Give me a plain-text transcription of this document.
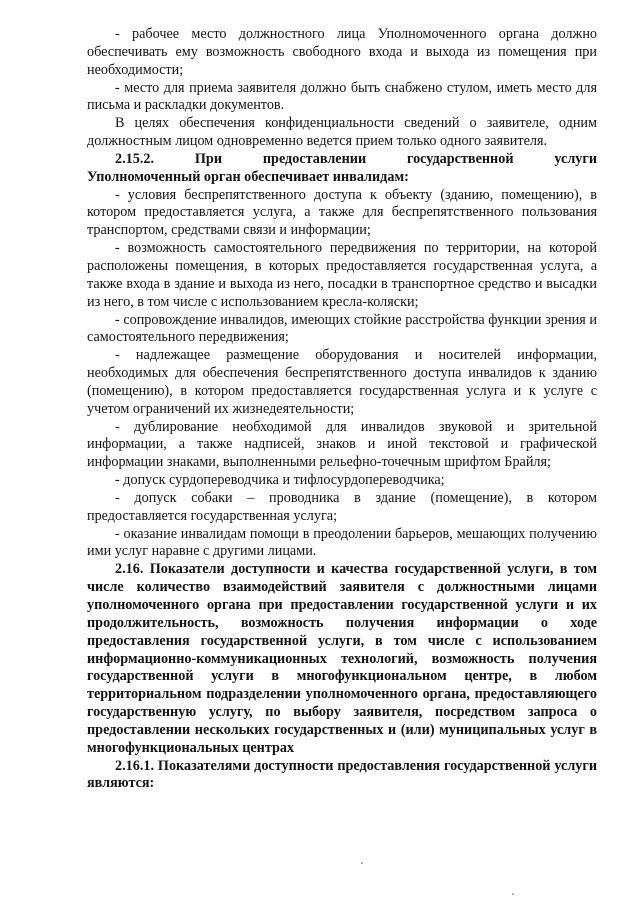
- рабочее место должностного лица Уполномоченного органа должно обеспечивать ему возможность свободного входа и выхода из помещения при необходимости;

- место для приема заявителя должно быть снабжено стулом, иметь место для письма и раскладки документов.

В целях обеспечения конфиденциальности сведений о заявителе, одним должностным лицом одновременно ведется прием только одного заявителя.

2.15.2.       При       предоставлении       государственной       услуги Уполномоченный орган обеспечивает инвалидам:

- условия беспрепятственного доступа к объекту (зданию, помещению), в котором предоставляется услуга, а также для беспрепятственного пользования транспортом, средствами связи и информации;

- возможность самостоятельного передвижения по территории, на которой расположены помещения, в которых предоставляется государственная услуга, а также входа в здание и выхода из него, посадки в транспортное средство и высадки из него, в том числе с использованием кресла-коляски;

- сопровождение инвалидов, имеющих стойкие расстройства функции зрения и самостоятельного передвижения;

- надлежащее размещение оборудования и носителей информации, необходимых для обеспечения беспрепятственного доступа инвалидов к зданию (помещению), в котором предоставляется государственная услуга и к услуге с учетом ограничений их жизнедеятельности;

- дублирование необходимой для инвалидов звуковой и зрительной информации, а также надписей, знаков и иной текстовой и графической информации знаками, выполненными рельефно-точечным шрифтом Брайля;

- допуск сурдопереводчика и тифлосурдопереводчика;

- допуск собаки – проводника в здание (помещение), в котором предоставляется государственная услуга;

- оказание инвалидам помощи в преодолении барьеров, мешающих получению ими услуг наравне с другими лицами.

2.16. Показатели доступности и качества государственной услуги, в том числе количество взаимодействий заявителя с должностными лицами уполномоченного органа при предоставлении государственной услуги и их продолжительность, возможность получения информации о ходе предоставления государственной услуги, в том числе с использованием информационно-коммуникационных технологий, возможность получения государственной услуги в многофункциональном центре, в любом территориальном подразделении уполномоченного органа, предоставляющего государственную услугу, по выбору заявителя, посредством запроса о предоставлении нескольких государственных и (или) муниципальных услуг в многофункциональных центрах

2.16.1. Показателями доступности предоставления государственной услуги являются:
